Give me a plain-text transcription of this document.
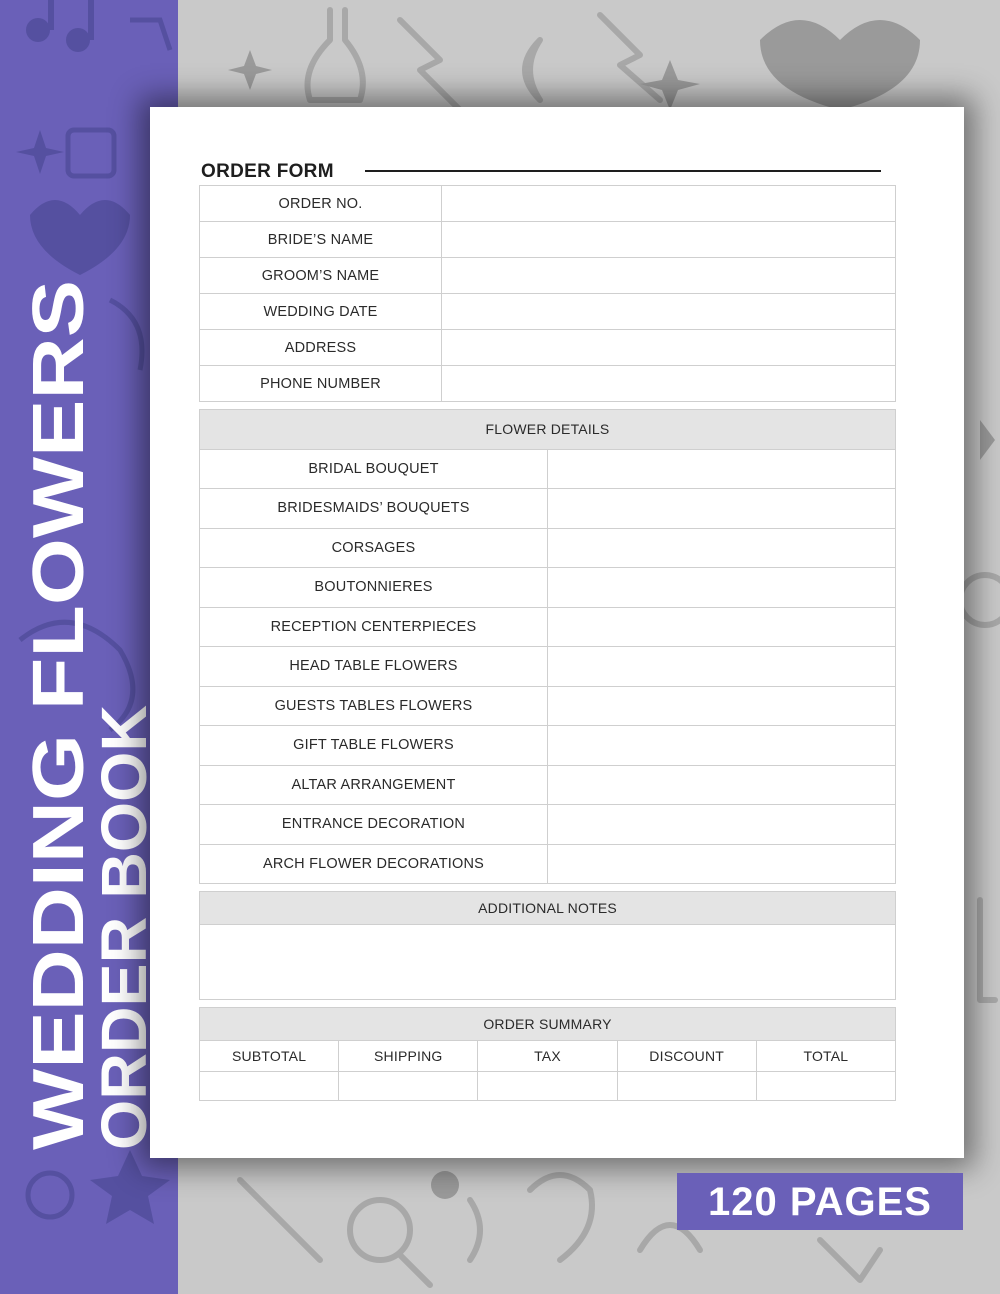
WEDDING FLOWERS
ORDER BOOK
ORDER FORM
ORDER NO.	
BRIDE’S NAME	
GROOM’S NAME	
WEDDING DATE	
ADDRESS	
PHONE NUMBER	
FLOWER DETAILS	
BRIDAL BOUQUET	
BRIDESMAIDS’ BOUQUETS	
CORSAGES	
BOUTONNIERES	
RECEPTION CENTERPIECES	
HEAD TABLE FLOWERS	
GUESTS TABLES FLOWERS	
GIFT TABLE FLOWERS	
ALTAR ARRANGEMENT	
ENTRANCE DECORATION	
ARCH FLOWER DECORATIONS	
ADDITIONAL NOTES

ORDER SUMMARY				
SUBTOTAL	SHIPPING	TAX	DISCOUNT	TOTAL

120 PAGES
